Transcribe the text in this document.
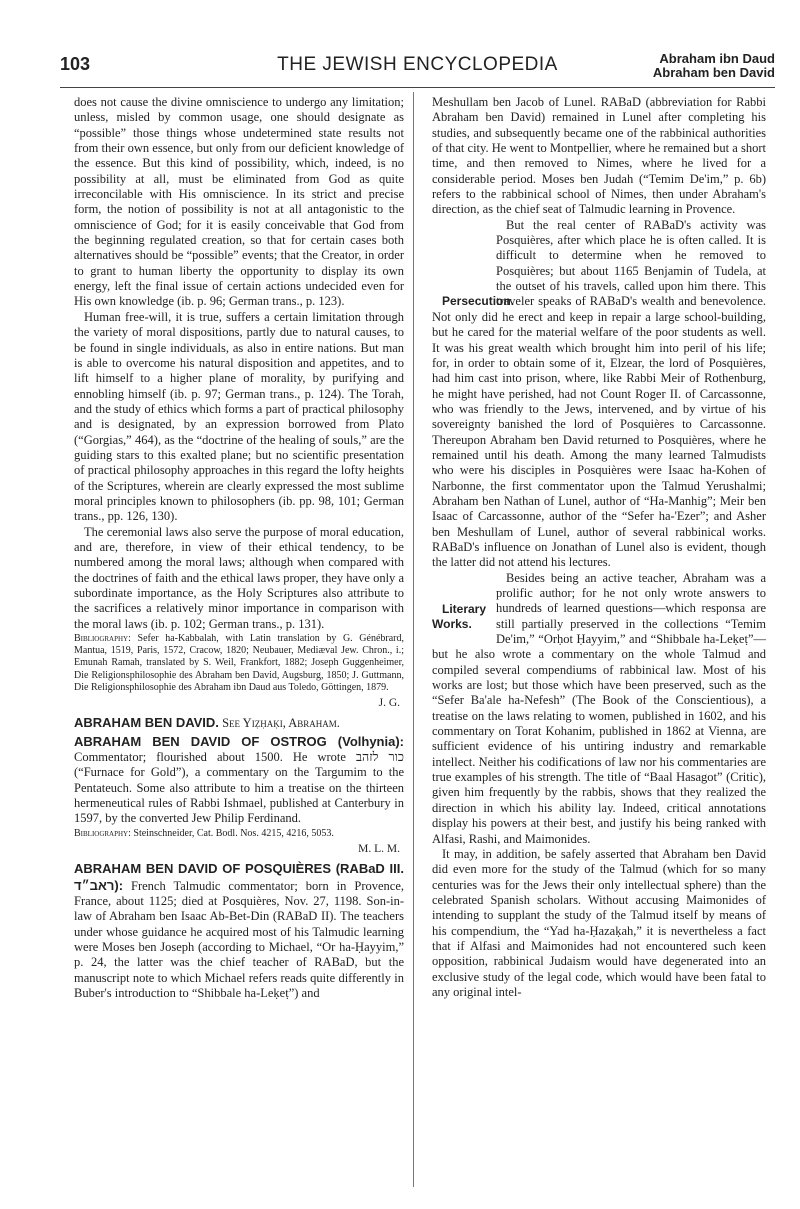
103	THE JEWISH ENCYCLOPEDIA	Abraham ibn Daud
Abraham ben David

does not cause the divine omniscience to undergo any limitation; unless, misled by common usage, one should designate as “possible” those things whose undetermined state results not from their own essence, but only from our deficient knowledge of the essence. But this kind of possibility, which, indeed, is no possibility at all, must be eliminated from God as quite irreconcilable with His omniscience. In its strict and precise form, the notion of possibility is not at all antagonistic to the omniscience of God; for it is easily conceivable that God from the beginning regulated creation, so that for certain cases both alternatives should be “possible” events; that the Creator, in order to grant to human liberty the opportunity to display its own energy, left the final issue of certain actions undecided even for His own knowledge (ib. p. 96; German trans., p. 123).

Human free-will, it is true, suffers a certain limitation through the variety of moral dispositions, partly due to natural causes, to be found in single individuals, as also in entire nations. But man is able to overcome his natural disposition and appetites, and to lift himself to a higher plane of morality, by purifying and ennobling himself (ib. p. 97; German trans., p. 124). The Torah, and the study of ethics which forms a part of practical philosophy and is designated, by an expression borrowed from Plato (“Gorgias,” 464), as the “doctrine of the healing of souls,” are the guiding stars to this exalted plane; but no scientific presentation of practical philosophy approaches in this regard the lofty heights of the Scriptures, wherein are clearly expressed the most sublime moral principles known to philosophers (ib. pp. 98, 101; German trans., pp. 126, 130).

The ceremonial laws also serve the purpose of moral education, and are, therefore, in view of their ethical tendency, to be numbered among the moral laws; although when compared with the doctrines of faith and the ethical laws proper, they have only a subordinate importance, as the Holy Scriptures also attribute to the sacrifices a relatively minor importance in comparison with the moral laws (ib. p. 102; German trans., p. 131).

Bibliography: Sefer ha-Kabbalah, with Latin translation by G. Génébrard, Mantua, 1519, Paris, 1572, Cracow, 1820; Neubauer, Mediæval Jew. Chron., i.; Emunah Ramah, translated by S. Weil, Frankfort, 1882; Joseph Guggenheimer, Die Religionsphilosophie des Abraham ben David, Augsburg, 1850; J. Guttmann, Die Religionsphilosophie des Abraham ibn Daud aus Toledo, Göttingen, 1879.

J. G.

ABRAHAM BEN DAVID. See Yiẓḥaḳi, Abraham.

ABRAHAM BEN DAVID OF OSTROG (Volhynia): Commentator; flourished about 1500. He wrote כור לזהב (“Furnace for Gold”), a commentary on the Targumim to the Pentateuch. Some also attribute to him a treatise on the thirteen hermeneutical rules of Rabbi Ishmael, published at Canterbury in 1597, by the converted Jew Philip Ferdinand.

Bibliography: Steinschneider, Cat. Bodl. Nos. 4215, 4216, 5053.

M. L. M.

ABRAHAM BEN DAVID OF POSQUIÈRES (RABaD III. ראב״ד): French Talmudic commentator; born in Provence, France, about 1125; died at Posquières, Nov. 27, 1198. Son-in-law of Abraham ben Isaac Ab-Bet-Din (RABaD II). The teachers under whose guidance he acquired most of his Talmudic learning were Moses ben Joseph (according to Michael, “Or ha-Ḥayyim,” p. 24, the latter was the chief teacher of RABaD, but the manuscript note to which Michael refers reads quite differently in Buber's introduction to “Shibbale ha-Leḳeṭ”) and

Meshullam ben Jacob of Lunel. RABaD (abbreviation for Rabbi Abraham ben David) remained in Lunel after completing his studies, and subsequently became one of the rabbinical authorities of that city. He went to Montpellier, where he remained but a short time, and then removed to Nimes, where he lived for a considerable period. Moses ben Judah (“Temim De'im,” p. 6b) refers to the rabbinical school of Nimes, then under Abraham's direction, as the chief seat of Talmudic learning in Provence.

Persecution.
But the real center of RABaD's activity was Posquières, after which place he is often called. It is difficult to determine when he removed to Posquières; but about 1165 Benjamin of Tudela, at the outset of his travels, called upon him there. This traveler speaks of RABaD's wealth and benevolence. Not only did he erect and keep in repair a large school-building, but he cared for the material welfare of the poor students as well. It was his great wealth which brought him into peril of his life; for, in order to obtain some of it, Elzear, the lord of Posquières, had him cast into prison, where, like Rabbi Meir of Rothenburg, he might have perished, had not Count Roger II. of Carcassonne, who was friendly to the Jews, intervened, and by virtue of his sovereignty banished the lord of Posquières to Carcassonne. Thereupon Abraham ben David returned to Posquières, where he remained until his death. Among the many learned Talmudists who were his disciples in Posquières were Isaac ha-Kohen of Narbonne, the first commentator upon the Talmud Yerushalmi; Abraham ben Nathan of Lunel, author of “Ha-Manhig”; Meir ben Isaac of Carcassonne, author of the “Sefer ha-'Ezer”; and Asher ben Meshullam of Lunel, author of several rabbinical works. RABaD's influence on Jonathan of Lunel also is evident, though the latter did not attend his lectures.

Literary Works.
Besides being an active teacher, Abraham was a prolific author; for he not only wrote answers to hundreds of learned questions—which responsa are still partially preserved in the collections “Temim De'im,” “Orḥot Ḥayyim,” and “Shibbale ha-Leḳeṭ”—but he also wrote a commentary on the whole Talmud and compiled several compendiums of rabbinical law. Most of his works are lost; but those which have been preserved, such as the “Sefer Ba'ale ha-Nefesh” (The Book of the Conscientious), a treatise on the laws relating to women, published in 1602, and his commentary on Torat Kohanim, published in 1862 at Vienna, are sufficient evidence of his untiring industry and remarkable intellect. Neither his codifications of law nor his commentaries are true examples of his strength. The title of “Baal Hasagot” (Critic), given him frequently by the rabbis, shows that they realized the direction in which his ability lay. Indeed, critical annotations display his powers at their best, and justify his being ranked with Alfasi, Rashi, and Maimonides.

It may, in addition, be safely asserted that Abraham ben David did even more for the study of the Talmud (which for so many centuries was for the Jews their only intellectual sphere) than the celebrated Spanish scholars. Without accusing Maimonides of intending to supplant the study of the Talmud itself by means of his compendium, the “Yad ha-Ḥazaḳah,” it is nevertheless a fact that if Alfasi and Maimonides had not encountered such keen opposition, rabbinical Judaism would have degenerated into an exclusive study of the legal code, which would have been fatal to any original intel-
